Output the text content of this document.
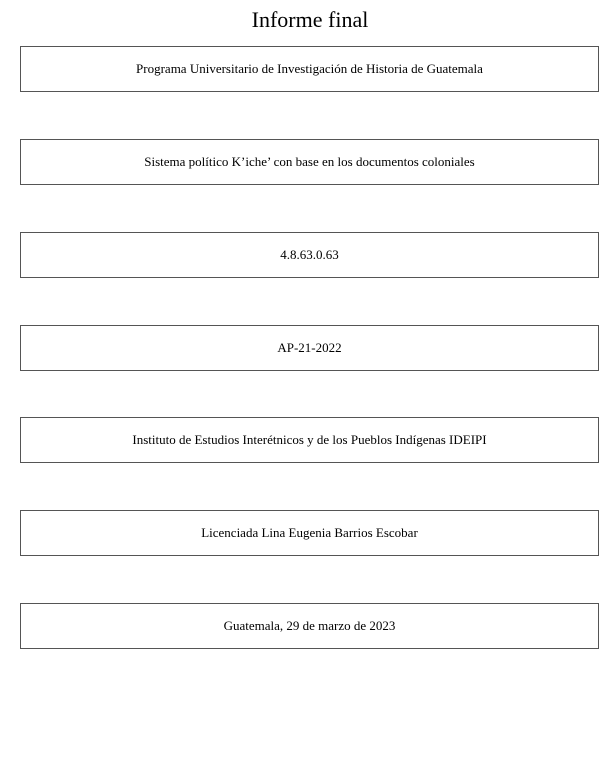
Informe final
Programa Universitario de Investigación de Historia de Guatemala
Sistema político K’iche’ con base en los documentos coloniales
4.8.63.0.63
AP-21-2022
Instituto de Estudios Interétnicos y de los Pueblos Indígenas IDEIPI
Licenciada Lina Eugenia Barrios Escobar
Guatemala, 29 de marzo de 2023
